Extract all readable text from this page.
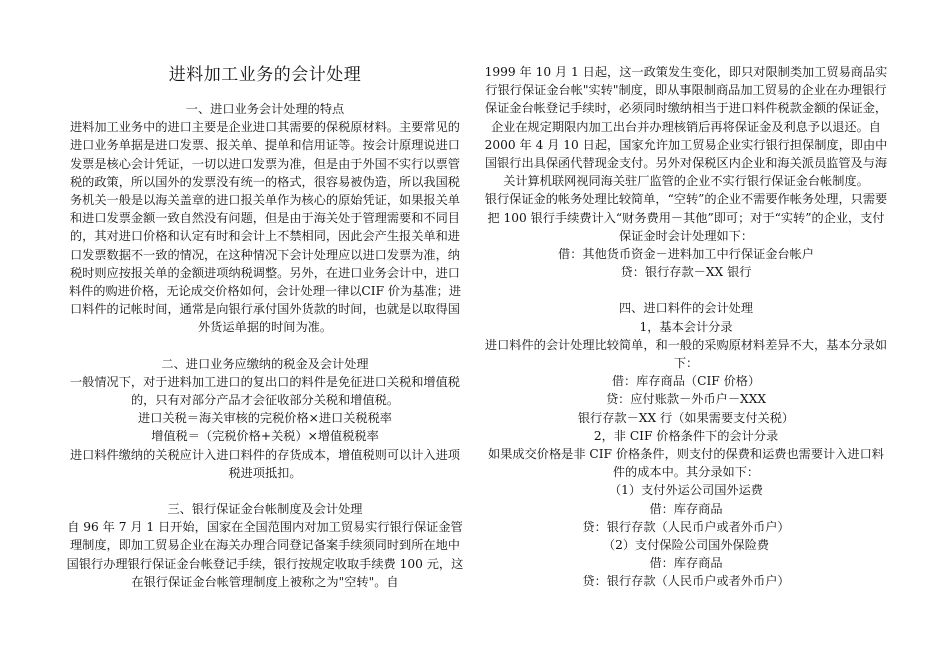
进料加工业务的会计处理

一、进口业务会计处理的特点

进料加工业务中的进口主要是企业进口其需要的保税原材料。主要常见的进口业务单据是进口发票、报关单、提单和信用证等。按会计原理说进口发票是核心会计凭证，一切以进口发票为准，但是由于外国不实行以票管税的政策，所以国外的发票没有统一的格式，很容易被伪造，所以我国税务机关一般是以海关盖章的进口报关单作为核心的原始凭证，如果报关单和进口发票金额一致自然没有问题，但是由于海关处于管理需要和不同目的，其对进口价格和认定有时和会计上不禁相同，因此会产生报关单和进口发票数据不一致的情况，在这种情况下会计处理应以进口发票为准，纳税时则应按报关单的金额进项纳税调整。另外，在进口业务会计中，进口料件的购进价格，无论成交价格如何，会计处理一律以CIF 价为基准；进口料件的记帐时间，通常是向银行承付国外货款的时间，也就是以取得国外货运单据的时间为准。

二、进口业务应缴纳的税金及会计处理

一般情况下，对于进料加工进口的复出口的料件是免征进口关税和增值税的，只有对部分产品才会征收部分关税和增值税。

进口关税＝海关审核的完税价格×进口关税税率

增值税＝（完税价格+关税）×增值税税率

进口料件缴纳的关税应计入进口料件的存货成本，增值税则可以计入进项税进项抵扣。

三、银行保证金台帐制度及会计处理

自 96 年 7 月 1 日开始，国家在全国范围内对加工贸易实行银行保证金管理制度，即加工贸易企业在海关办理合同登记备案手续须同时到所在地中国银行办理银行保证金台帐登记手续，银行按规定收取手续费 100 元，这在银行保证金台帐管理制度上被称之为"空转"。自

1999 年 10 月 1 日起，这一政策发生变化，即只对限制类加工贸易商品实行银行保证金台帐"实转"制度，即从事限制商品加工贸易的企业在办理银行保证金台帐登记手续时，必须同时缴纳相当于进口料件税款金额的保证金，企业在规定期限内加工出台并办理核销后再将保证金及利息予以退还。自 2000 年 4 月 10 日起，国家允许加工贸易企业实行银行担保制度，即由中国银行出具保函代替现金支付。另外对保税区内企业和海关派员监管及与海关计算机联网视同海关驻厂监管的企业不实行银行保证金台帐制度。

银行保证金的帐务处理比较简单，“空转”的企业不需要作帐务处理，只需要把 100 银行手续费计入“财务费用－其他”即可；对于“实转”的企业，支付保证金时会计处理如下：

借：其他货币资金－进料加工中行保证金台帐户

贷：银行存款－XX 银行

四、进口料件的会计处理

1，基本会计分录

进口料件的会计处理比较简单，和一般的采购原材料差异不大，基本分录如下：

借：库存商品（CIF 价格）

贷：应付账款－外币户－XXX

银行存款－XX 行（如果需要支付关税）

2，非 CIF 价格条件下的会计分录

如果成交价格是非 CIF 价格条件，则支付的保费和运费也需要计入进口料件的成本中。其分录如下：

（1）支付外运公司国外运费

借：库存商品

贷：银行存款（人民币户或者外币户）

（2）支付保险公司国外保险费

借：库存商品

贷：银行存款（人民币户或者外币户）
